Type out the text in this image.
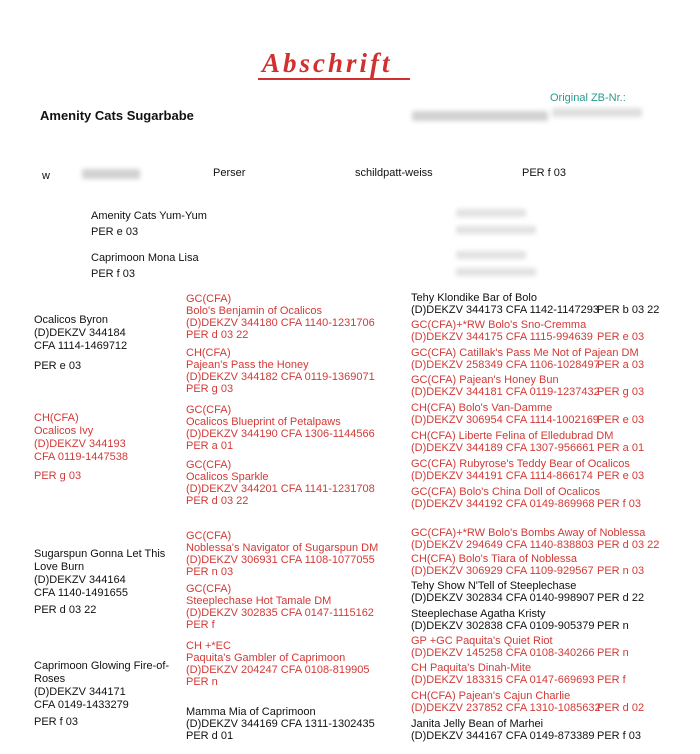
Abschrift
Original ZB-Nr.:
Amenity Cats Sugarbabe
w	Perser	schildpatt-weiss	PER f 03
Amenity Cats Yum-Yum
PER e 03
Caprimoon Mona Lisa
PER f 03
Ocalicos Byron
(D)DEKZV 344184
CFA 1114-1469712
PER e 03
CH(CFA)
Ocalicos Ivy
(D)DEKZV 344193
CFA 0119-1447538
PER g 03
Sugarspun Gonna Let This
Love Burn
(D)DEKZV 344164
CFA 1140-1491655
PER d 03 22
Caprimoon Glowing Fire-of-
Roses
(D)DEKZV 344171
CFA 0149-1433279
PER f 03
GC(CFA)
Bolo's Benjamin of Ocalicos
(D)DEKZV 344180 CFA 1140-1231706
PER d 03 22
CH(CFA)
Pajean's Pass the Honey
(D)DEKZV 344182 CFA 0119-1369071
PER g 03
GC(CFA)
Ocalicos Blueprint of Petalpaws
(D)DEKZV 344190 CFA 1306-1144566
PER a 01
GC(CFA)
Ocalicos Sparkle
(D)DEKZV 344201 CFA 1141-1231708
PER d 03 22
GC(CFA)
Noblessa's Navigator of Sugarspun DM
(D)DEKZV 306931 CFA 1108-1077055
PER n 03
GC(CFA)
Steeplechase Hot Tamale DM
(D)DEKZV 302835 CFA 0147-1115162
PER f
CH +*EC
Paquita's Gambler of Caprimoon
(D)DEKZV 204247 CFA 0108-819905
PER n
Mamma Mia of Caprimoon
(D)DEKZV 344169 CFA 1311-1302435
PER d 01
Tehy Klondike Bar of Bolo
(D)DEKZV 344173 CFA 1142-1147293
PER b 03 22
GC(CFA)+*RW Bolo's Sno-Cremma
(D)DEKZV 344175 CFA 1115-994639 PER e 03
GC(CFA) Catillak's Pass Me Not of Pajean DM
(D)DEKZV 258349 CFA 1106-1028497
PER a 03
GC(CFA) Pajean's Honey Bun
(D)DEKZV 344181 CFA 0119-1237432
PER g 03
CH(CFA) Bolo's Van-Damme
(D)DEKZV 306954 CFA 1114-1002169
PER e 03
CH(CFA) Liberte Felina of Elledubrad DM
(D)DEKZV 344189 CFA 1307-956661 PER a 01
GC(CFA) Rubyrose's Teddy Bear of Ocalicos
(D)DEKZV 344191 CFA 1114-866174 PER e 03
GC(CFA) Bolo's China Doll of Ocalicos
(D)DEKZV 344192 CFA 0149-869968 PER f 03
GC(CFA)+*RW Bolo's Bombs Away of Noblessa
(D)DEKZV 294649 CFA 1140-838803 PER d 03 22
CH(CFA) Bolo's Tiara of Noblessa
(D)DEKZV 306929 CFA 1109-929567 PER n 03
Tehy Show N'Tell of Steeplechase
(D)DEKZV 302834 CFA 0140-998907 PER d 22
Steeplechase Agatha Kristy
(D)DEKZV 302838 CFA 0109-905379 PER n
GP +GC Paquita's Quiet Riot
(D)DEKZV 145258 CFA 0108-340266 PER n
CH Paquita's Dinah-Mite
(D)DEKZV 183315 CFA 0147-669693 PER f
CH(CFA) Pajean's Cajun Charlie
(D)DEKZV 237852 CFA 1310-1085632
PER d 02
Janita Jelly Bean of Marhei
(D)DEKZV 344167 CFA 0149-873389 PER f 03
